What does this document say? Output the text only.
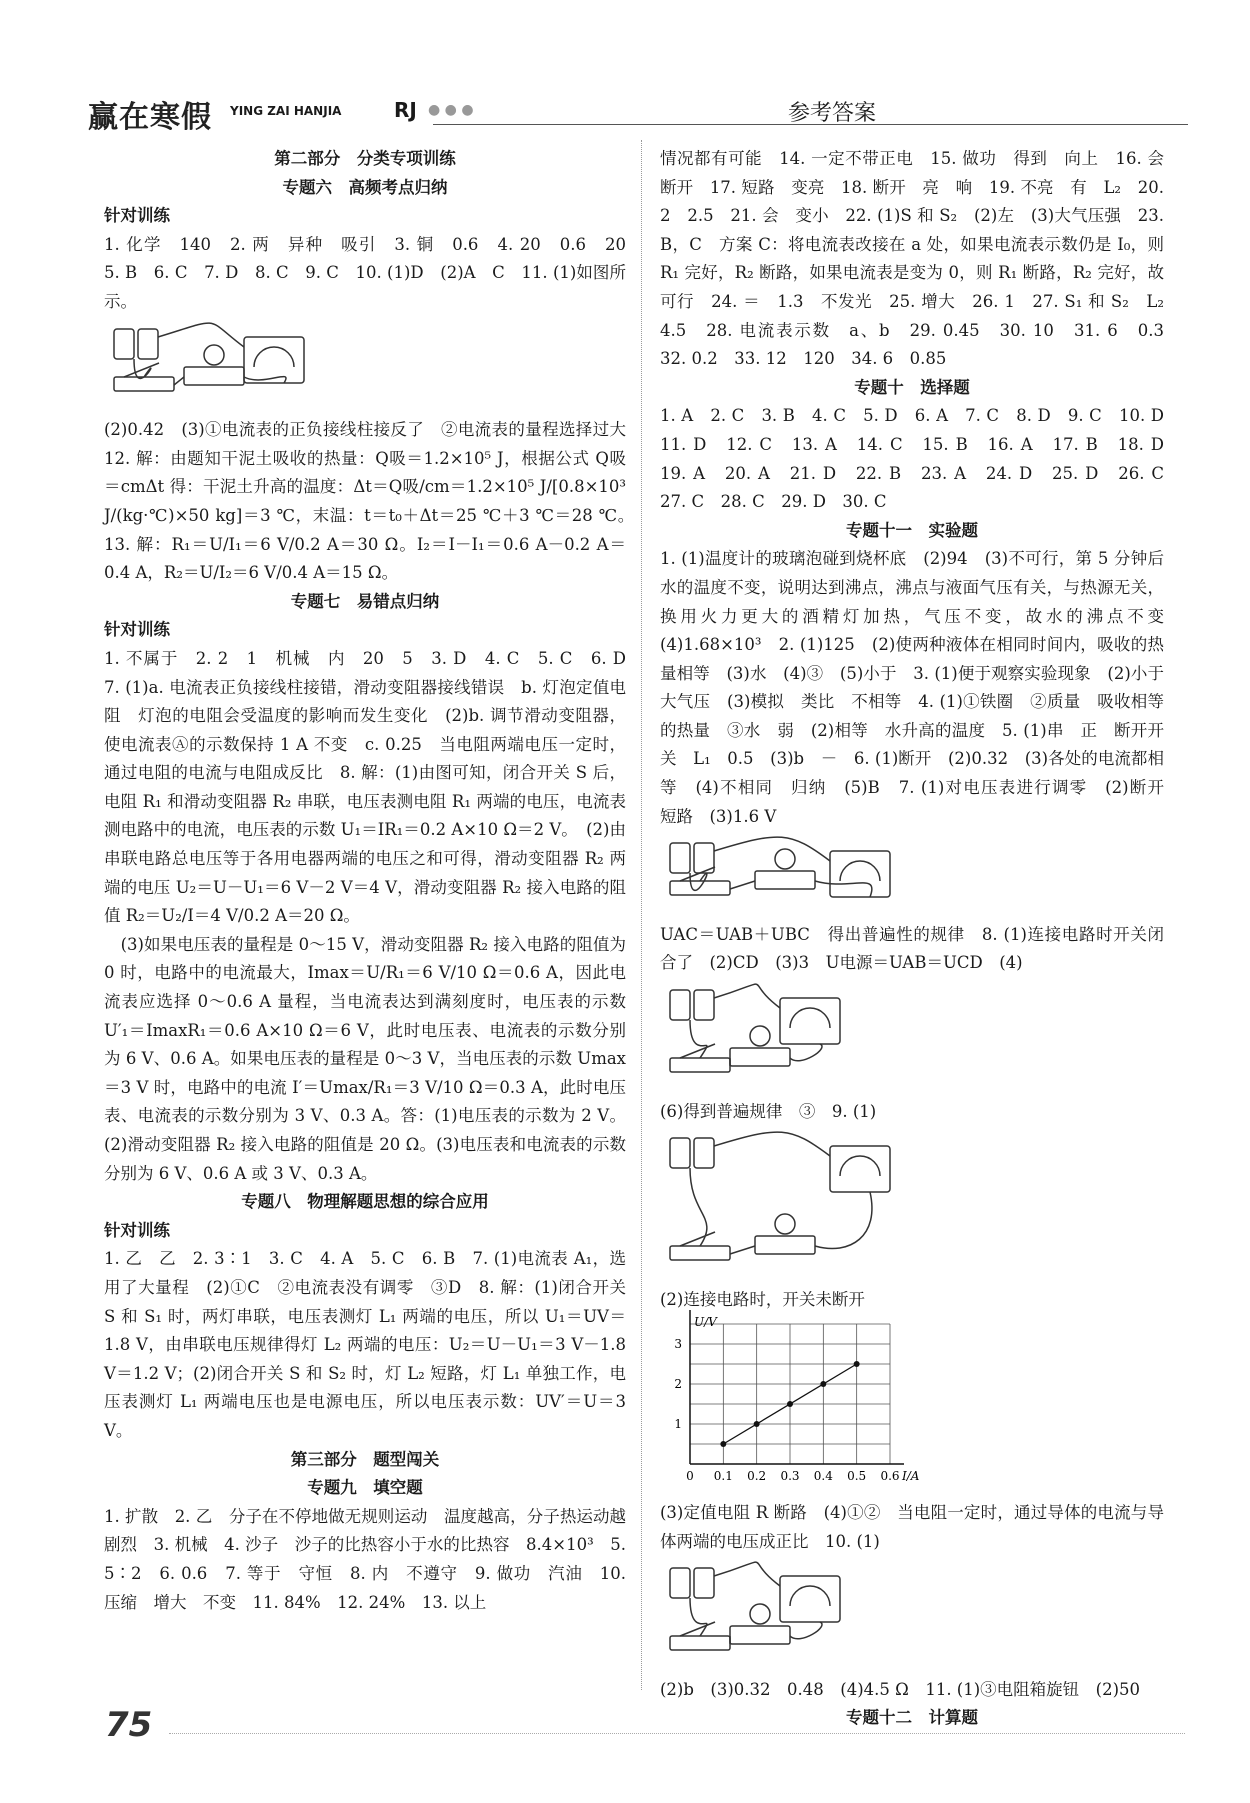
赢在寒假 YING ZAI HANJIA	RJ ● ● ●	参考答案
第二部分　分类专项训练
专题六　高频考点归纳
针对训练
1. 化学　140　2. 两　异种　吸引　3. 铜　0.6　4. 20　0.6　20　5. B　6. C　7. D　8. C　9. C　10. (1)D　(2)A　C　11. (1)如图所示。
(2)0.42　(3)①电流表的正负接线柱接反了　②电流表的量程选择过大　12. 解：由题知干泥土吸收的热量：Q吸＝1.2×10⁵ J，根据公式 Q吸＝cmΔt 得：干泥土升高的温度：Δt＝Q吸/cm＝1.2×10⁵ J/[0.8×10³ J/(kg·℃)×50 kg]＝3 ℃，末温：t＝t₀＋Δt＝25 ℃＋3 ℃＝28 ℃。　13. 解：R₁＝U/I₁＝6 V/0.2 A＝30 Ω。I₂＝I－I₁＝0.6 A－0.2 A＝0.4 A，R₂＝U/I₂＝6 V/0.4 A＝15 Ω。
专题七　易错点归纳
针对训练
1. 不属于　2. 2　1　机械　内　20　5　3. D　4. C　5. C　6. D　7. (1)a. 电流表正负接线柱接错，滑动变阻器接线错误　b. 灯泡定值电阻　灯泡的电阻会受温度的影响而发生变化　(2)b. 调节滑动变阻器，使电流表Ⓐ的示数保持 1 A 不变　c. 0.25　当电阻两端电压一定时，通过电阻的电流与电阻成反比　8. 解：(1)由图可知，闭合开关 S 后，电阻 R₁ 和滑动变阻器 R₂ 串联，电压表测电阻 R₁ 两端的电压，电流表测电路中的电流，电压表的示数 U₁＝IR₁＝0.2 A×10 Ω＝2 V。　(2)由串联电路总电压等于各用电器两端的电压之和可得，滑动变阻器 R₂ 两端的电压 U₂＝U－U₁＝6 V－2 V＝4 V，滑动变阻器 R₂ 接入电路的阻值 R₂＝U₂/I＝4 V/0.2 A＝20 Ω。
　(3)如果电压表的量程是 0～15 V，滑动变阻器 R₂ 接入电路的阻值为 0 时，电路中的电流最大，Imax＝U/R₁＝6 V/10 Ω＝0.6 A，因此电流表应选择 0～0.6 A 量程，当电流表达到满刻度时，电压表的示数 U′₁＝ImaxR₁＝0.6 A×10 Ω＝6 V，此时电压表、电流表的示数分别为 6 V、0.6 A。如果电压表的量程是 0～3 V，当电压表的示数 Umax＝3 V 时，电路中的电流 I′＝Umax/R₁＝3 V/10 Ω＝0.3 A，此时电压表、电流表的示数分别为 3 V、0.3 A。答：(1)电压表的示数为 2 V。(2)滑动变阻器 R₂ 接入电路的阻值是 20 Ω。(3)电压表和电流表的示数分别为 6 V、0.6 A 或 3 V、0.3 A。
专题八　物理解题思想的综合应用
针对训练
1. 乙　乙　2. 3∶1　3. C　4. A　5. C　6. B　7. (1)电流表 A₁，选用了大量程　(2)①C　②电流表没有调零　③D　8. 解：(1)闭合开关 S 和 S₁ 时，两灯串联，电压表测灯 L₁ 两端的电压，所以 U₁＝UV＝1.8 V，由串联电压规律得灯 L₂ 两端的电压：U₂＝U－U₁＝3 V－1.8 V＝1.2 V；(2)闭合开关 S 和 S₂ 时，灯 L₂ 短路，灯 L₁ 单独工作，电压表测灯 L₁ 两端电压也是电源电压，所以电压表示数：UV′＝U＝3 V。
第三部分　题型闯关
专题九　填空题
1. 扩散　2. 乙　分子在不停地做无规则运动　温度越高，分子热运动越剧烈　3. 机械　4. 沙子　沙子的比热容小于水的比热容　8.4×10³　5. 5∶2　6. 0.6　7. 等于　守恒　8. 内　不遵守　9. 做功　汽油　10. 压缩　增大　不变　11. 84%　12. 24%　13. 以上
情况都有可能　14. 一定不带正电　15. 做功　得到　向上　16. 会　断开　17. 短路　变亮　18. 断开　亮　响　19. 不亮　有　L₂　20. 2　2.5　21. 会　变小　22. (1)S 和 S₂　(2)左　(3)大气压强　23. B，C　方案 C：将电流表改接在 a 处，如果电流表示数仍是 I₀，则 R₁ 完好，R₂ 断路，如果电流表是变为 0，则 R₁ 断路，R₂ 完好，故可行　24. ＝　1.3　不发光　25. 增大　26. 1　27. S₁ 和 S₂　L₂　4.5　28. 电流表示数　a、b　29. 0.45　30. 10　31. 6　0.3　32. 0.2　33. 12　120　34. 6　0.85
专题十　选择题
1. A　2. C　3. B　4. C　5. D　6. A　7. C　8. D　9. C　10. D　11. D　12. C　13. A　14. C　15. B　16. A　17. B　18. D　19. A　20. A　21. D　22. B　23. A　24. D　25. D　26. C　27. C　28. C　29. D　30. C
专题十一　实验题
1. (1)温度计的玻璃泡碰到烧杯底　(2)94　(3)不可行，第 5 分钟后水的温度不变，说明达到沸点，沸点与液面气压有关，与热源无关，换用火力更大的酒精灯加热，气压不变，故水的沸点不变　(4)1.68×10³　2. (1)125　(2)使两种液体在相同时间内，吸收的热量相等　(3)水　(4)③　(5)小于　3. (1)便于观察实验现象　(2)小于　大气压　(3)模拟　类比　不相等　4. (1)①铁圈　②质量　吸收相等的热量　③水　弱　(2)相等　水升高的温度　5. (1)串　正　断开开关　L₁　0.5　(3)b　－　6. (1)断开　(2)0.32　(3)各处的电流都相等　(4)不相同　归纳　(5)B　7. (1)对电压表进行调零　(2)断开　短路　(3)1.6 V
UAC＝UAB＋UBC　得出普遍性的规律　8. (1)连接电路时开关闭合了　(2)CD　(3)3　U电源＝UAB＝UCD　(4)
(6)得到普遍规律　③　9. (1)
(2)连接电路时，开关未断开
0 0.1 0.2 0.3 0.4 0.5 0.6
1
2
3
I/A
U/V
(3)定值电阻 R 断路　(4)①②　当电阻一定时，通过导体的电流与导体两端的电压成正比　10. (1)
(2)b　(3)0.32　0.48　(4)4.5 Ω　11. (1)③电阻箱旋钮　(2)50
专题十二　计算题
75
